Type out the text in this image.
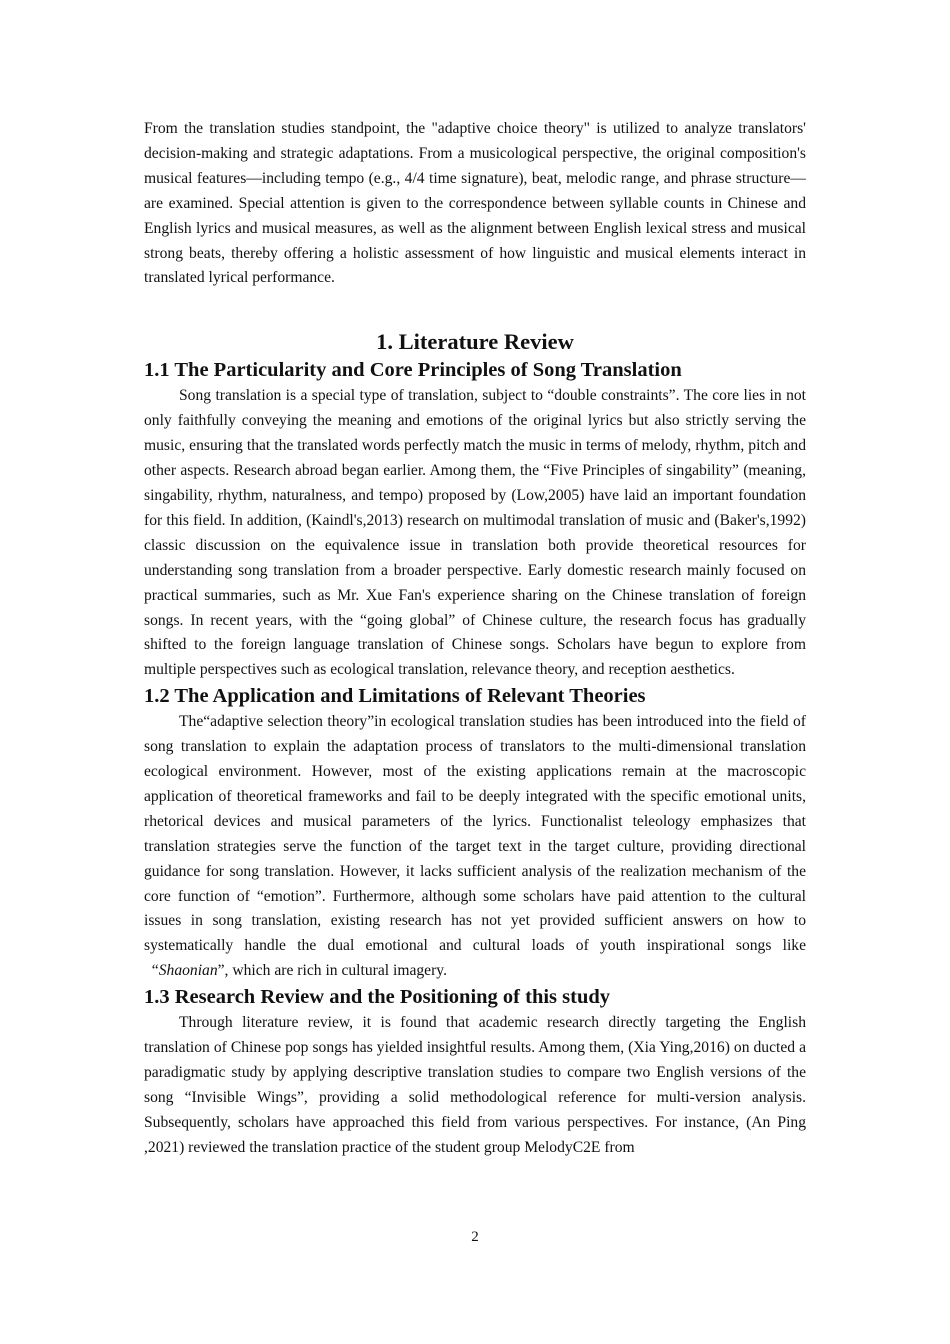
From the translation studies standpoint, the "adaptive choice theory" is utilized to analyze translators' decision-making and strategic adaptations. From a musicological perspective, the original composition's musical features—including tempo (e.g., 4/4 time signature), beat, melodic range, and phrase structure—are examined. Special attention is given to the correspondence between syllable counts in Chinese and English lyrics and musical measures, as well as the alignment between English lexical stress and musical strong beats, thereby offering a holistic assessment of how linguistic and musical elements interact in translated lyrical performance.

1. Literature Review
1.1 The Particularity and Core Principles of Song Translation

Song translation is a special type of translation, subject to “double constraints”. The core lies in not only faithfully conveying the meaning and emotions of the original lyrics but also strictly serving the music, ensuring that the translated words perfectly match the music in terms of melody, rhythm, pitch and other aspects. Research abroad began earlier. Among them, the “Five Principles of singability” (meaning, singability, rhythm, naturalness, and tempo) proposed by (Low,2005) have laid an important foundation for this field. In addition, (Kaindl's,2013) research on multimodal translation of music and (Baker's,1992) classic discussion on the equivalence issue in translation both provide theoretical resources for understanding song translation from a broader perspective. Early domestic research mainly focused on practical summaries, such as Mr. Xue Fan's experience sharing on the Chinese translation of foreign songs. In recent years, with the “going global” of Chinese culture, the research focus has gradually shifted to the foreign language translation of Chinese songs. Scholars have begun to explore from multiple perspectives such as ecological translation, relevance theory, and reception aesthetics.

1.2 The Application and Limitations of Relevant Theories

The“adaptive selection theory”in ecological translation studies has been introduced into the field of song translation to explain the adaptation process of translators to the multi-dimensional translation ecological environment. However, most of the existing applications remain at the macroscopic application of theoretical frameworks and fail to be deeply integrated with the specific emotional units, rhetorical devices and musical parameters of the lyrics. Functionalist teleology emphasizes that translation strategies serve the function of the target text in the target culture, providing directional guidance for song translation. However, it lacks sufficient analysis of the realization mechanism of the core function of “emotion”. Furthermore, although some scholars have paid attention to the cultural issues in song translation, existing research has not yet provided sufficient answers on how to systematically handle the dual emotional and cultural loads of youth inspirational songs like   “Shaonian”, which are rich in cultural imagery.

1.3 Research Review and the Positioning of this study

Through literature review, it is found that academic research directly targeting the English translation of Chinese pop songs has yielded insightful results. Among them, (Xia Ying,2016) on ducted a paradigmatic study by applying descriptive translation studies to compare two English versions of the song “Invisible Wings”, providing a solid methodological reference for multi-version analysis. Subsequently, scholars have approached this field from various perspectives. For instance, (An Ping ,2021) reviewed the translation practice of the student group MelodyC2E from

2
